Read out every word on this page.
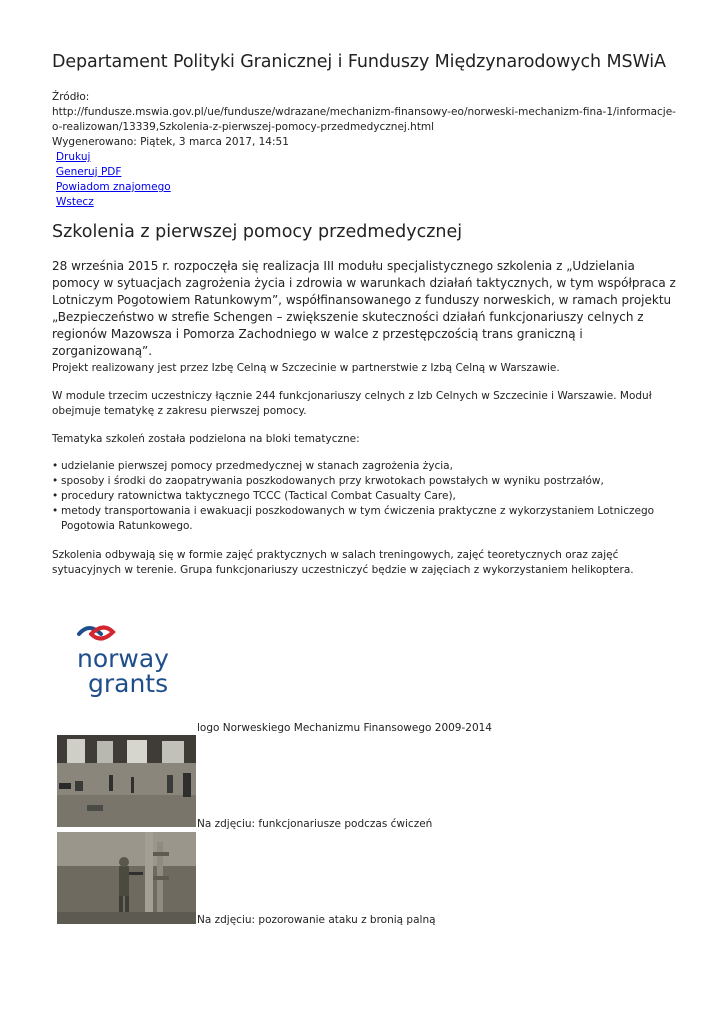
Departament Polityki Granicznej i Funduszy Międzynarodowych MSWiA
Źródło:
http://fundusze.mswia.gov.pl/ue/fundusze/wdrazane/mechanizm-finansowy-eo/norweski-mechanizm-fina-1/informacje-o-realizowan/13339,Szkolenia-z-pierwszej-pomocy-przedmedycznej.html
Wygenerowano: Piątek, 3 marca 2017, 14:51
Drukuj
Generuj PDF
Powiadom znajomego
Wstecz
Szkolenia z pierwszej pomocy przedmedycznej

28 września 2015 r. rozpoczęła się realizacja III modułu specjalistycznego szkolenia z „Udzielania pomocy w sytuacjach zagrożenia życia i zdrowia w warunkach działań taktycznych, w tym współpraca z Lotniczym Pogotowiem Ratunkowym”, współfinansowanego z funduszy norweskich, w ramach projektu „Bezpieczeństwo w strefie Schengen – zwiększenie skuteczności działań funkcjonariuszy celnych z regionów Mazowsza i Pomorza Zachodniego w walce z przestępczością trans graniczną i zorganizowaną”.

Projekt realizowany jest przez Izbę Celną w Szczecinie w partnerstwie z Izbą Celną w Warszawie.

W module trzecim uczestniczy łącznie 244 funkcjonariuszy celnych z Izb Celnych w Szczecinie i Warszawie. Moduł obejmuje tematykę z zakresu pierwszej pomocy.

Tematyka szkoleń została podzielona na bloki tematyczne:

• udzielanie pierwszej pomocy przedmedycznej w stanach zagrożenia życia,
• sposoby i środki do zaopatrywania poszkodowanych przy krwotokach powstałych w wyniku postrzałów,
• procedury ratownictwa taktycznego TCCC (Tactical Combat Casualty Care),
• metody transportowania i ewakuacji poszkodowanych w tym ćwiczenia praktyczne z wykorzystaniem Lotniczego Pogotowia Ratunkowego.

Szkolenia odbywają się w formie zajęć praktycznych w salach treningowych, zajęć teoretycznych oraz zajęć sytuacyjnych w terenie. Grupa funkcjonariuszy uczestniczyć będzie w zajęciach z wykorzystaniem helikoptera.

norway
grants
logo Norweskiego Mechanizmu Finansowego 2009-2014
Na zdjęciu: funkcjonariusze podczas ćwiczeń
Na zdjęciu: pozorowanie ataku z bronią palną
